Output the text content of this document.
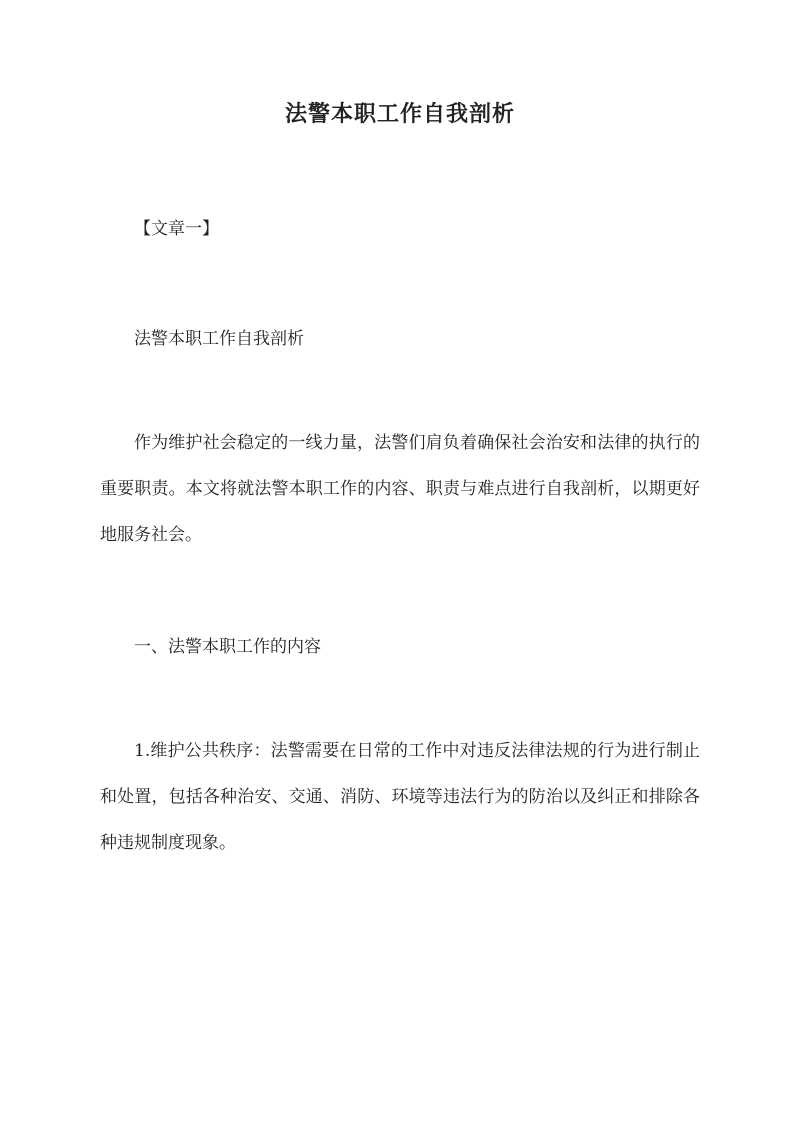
法警本职工作自我剖析

【文章一】

法警本职工作自我剖析

作为维护社会稳定的一线力量，法警们肩负着确保社会治安和法律的执行的重要职责。本文将就法警本职工作的内容、职责与难点进行自我剖析，以期更好地服务社会。

一、法警本职工作的内容

1.维护公共秩序：法警需要在日常的工作中对违反法律法规的行为进行制止和处置，包括各种治安、交通、消防、环境等违法行为的防治以及纠正和排除各种违规制度现象。
